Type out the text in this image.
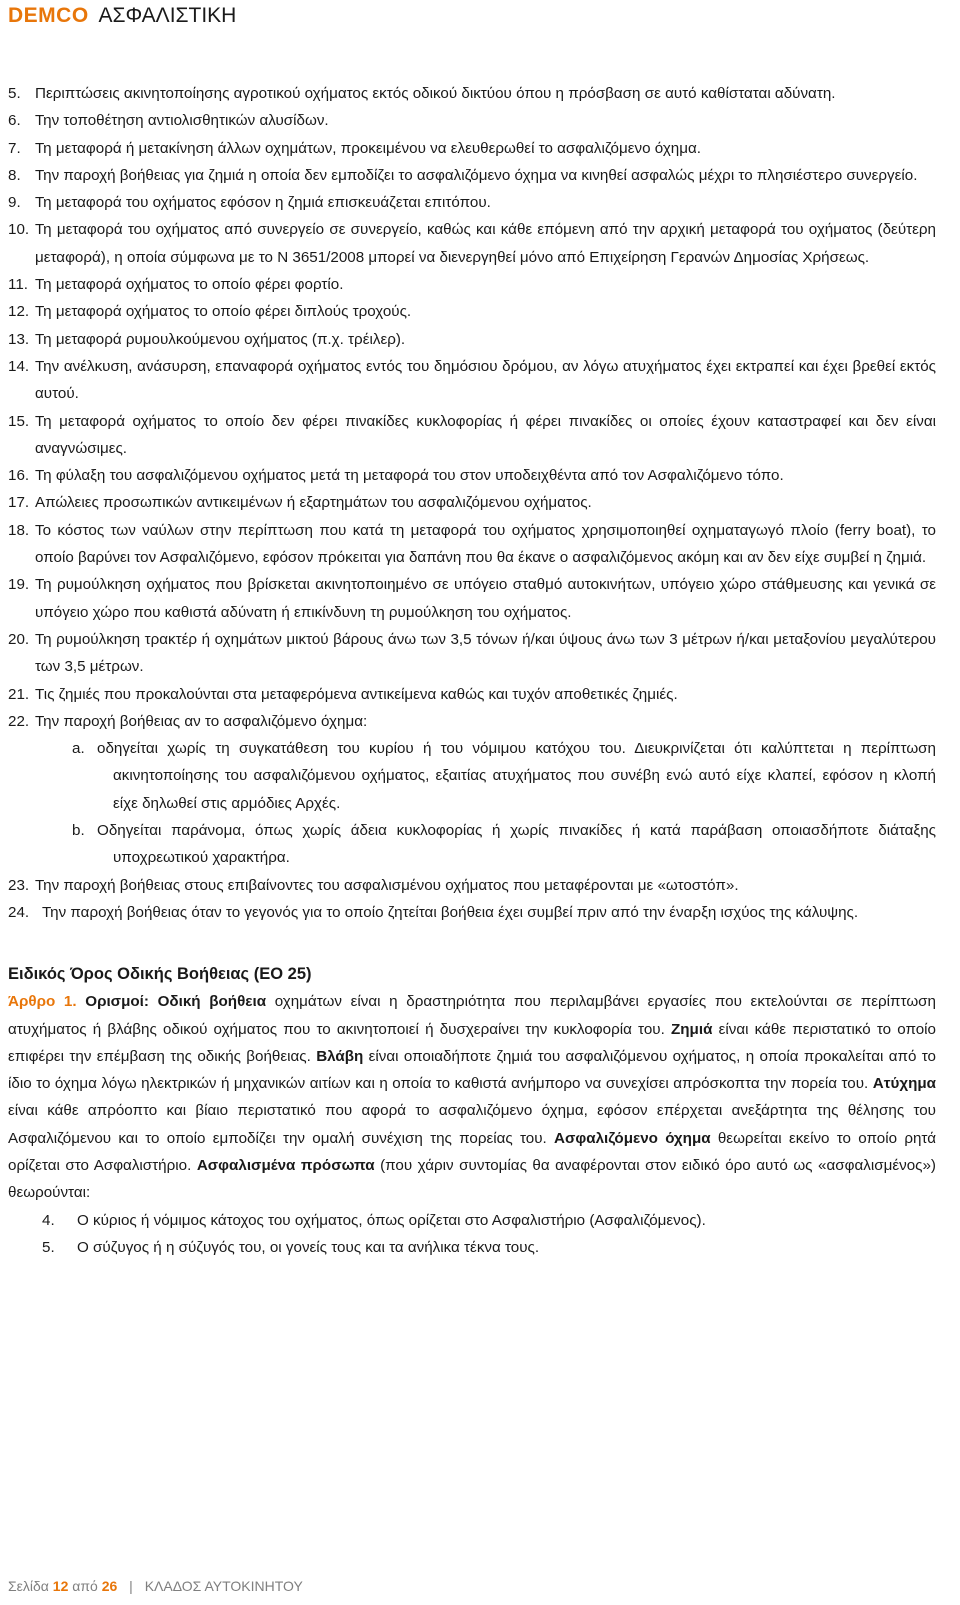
DEMCO ΑΣΦΑΛΙΣΤΙΚΗ
5. Περιπτώσεις ακινητοποίησης αγροτικού οχήματος εκτός οδικού δικτύου όπου η πρόσβαση σε αυτό καθίσταται αδύνατη.
6. Την τοποθέτηση αντιολισθητικών αλυσίδων.
7. Τη μεταφορά ή μετακίνηση άλλων οχημάτων, προκειμένου να ελευθερωθεί το ασφαλιζόμενο όχημα.
8. Την παροχή βοήθειας για ζημιά η οποία δεν εμποδίζει το ασφαλιζόμενο όχημα να κινηθεί ασφαλώς μέχρι το πλησιέστερο συνεργείο.
9. Τη μεταφορά του οχήματος εφόσον η ζημιά επισκευάζεται επιτόπου.
10. Τη μεταφορά του οχήματος από συνεργείο σε συνεργείο, καθώς και κάθε επόμενη από την αρχική μεταφορά του οχήματος (δεύτερη μεταφορά), η οποία σύμφωνα με το Ν 3651/2008 μπορεί να διενεργηθεί μόνο από Επιχείρηση Γερανών Δημοσίας Χρήσεως.
11. Τη μεταφορά οχήματος το οποίο φέρει φορτίο.
12. Τη μεταφορά οχήματος το οποίο φέρει διπλούς τροχούς.
13. Τη μεταφορά ρυμουλκούμενου οχήματος (π.χ. τρέιλερ).
14. Την ανέλκυση, ανάσυρση, επαναφορά οχήματος εντός του δημόσιου δρόμου, αν λόγω ατυχήματος έχει εκτραπεί και έχει βρεθεί εκτός αυτού.
15. Τη μεταφορά οχήματος το οποίο δεν φέρει πινακίδες κυκλοφορίας ή φέρει πινακίδες οι οποίες έχουν καταστραφεί και δεν είναι αναγνώσιμες.
16. Τη φύλαξη του ασφαλιζόμενου οχήματος μετά τη μεταφορά του στον υποδειχθέντα από τον Ασφαλιζόμενο τόπο.
17. Απώλειες προσωπικών αντικειμένων ή εξαρτημάτων του ασφαλιζόμενου οχήματος.
18. Το κόστος των ναύλων στην περίπτωση που κατά τη μεταφορά του οχήματος χρησιμοποιηθεί οχηματαγωγό πλοίο (ferry boat), το οποίο βαρύνει τον Ασφαλιζόμενο, εφόσον πρόκειται για δαπάνη που θα έκανε ο ασφαλιζόμενος ακόμη και αν δεν είχε συμβεί η ζημιά.
19. Τη ρυμούλκηση οχήματος που βρίσκεται ακινητοποιημένο σε υπόγειο σταθμό αυτοκινήτων, υπόγειο χώρο στάθμευσης και γενικά σε υπόγειο χώρο που καθιστά αδύνατη ή επικίνδυνη τη ρυμούλκηση του οχήματος.
20. Τη ρυμούλκηση τρακτέρ ή οχημάτων μικτού βάρους άνω των 3,5 τόνων ή/και ύψους άνω των 3 μέτρων ή/και μεταξονίου μεγαλύτερου των 3,5 μέτρων.
21. Τις ζημιές που προκαλούνται στα μεταφερόμενα αντικείμενα καθώς και τυχόν αποθετικές ζημιές.
22. Την παροχή βοήθειας αν το ασφαλιζόμενο όχημα:
a. οδηγείται χωρίς τη συγκατάθεση του κυρίου ή του νόμιμου κατόχου του. Διευκρινίζεται ότι καλύπτεται η περίπτωση ακινητοποίησης του ασφαλιζόμενου οχήματος, εξαιτίας ατυχήματος που συνέβη ενώ αυτό είχε κλαπεί, εφόσον η κλοπή είχε δηλωθεί στις αρμόδιες Αρχές.
b. Οδηγείται παράνομα, όπως χωρίς άδεια κυκλοφορίας ή χωρίς πινακίδες ή κατά παράβαση οποιασδήποτε διάταξης υποχρεωτικού χαρακτήρα.
23. Την παροχή βοήθειας στους επιβαίνοντες του ασφαλισμένου οχήματος που μεταφέρονται με «ωτοστόπ».
24. Την παροχή βοήθειας όταν το γεγονός για το οποίο ζητείται βοήθεια έχει συμβεί πριν από την έναρξη ισχύος της κάλυψης.
Ειδικός Όρος Οδικής Βοήθειας (ΕΟ 25)
Άρθρο 1. Ορισμοί: Οδική βοήθεια οχημάτων είναι η δραστηριότητα που περιλαμβάνει εργασίες που εκτελούνται σε περίπτωση ατυχήματος ή βλάβης οδικού οχήματος που το ακινητοποιεί ή δυσχεραίνει την κυκλοφορία του. Ζημιά είναι κάθε περιστατικό το οποίο επιφέρει την επέμβαση της οδικής βοήθειας. Βλάβη είναι οποιαδήποτε ζημιά του ασφαλιζόμενου οχήματος, η οποία προκαλείται από το ίδιο το όχημα λόγω ηλεκτρικών ή μηχανικών αιτίων και η οποία το καθιστά ανήμπορο να συνεχίσει απρόσκοπτα την πορεία του. Ατύχημα είναι κάθε απρόοπτο και βίαιο περιστατικό που αφορά το ασφαλιζόμενο όχημα, εφόσον επέρχεται ανεξάρτητα της θέλησης του Ασφαλιζόμενου και το οποίο εμποδίζει την ομαλή συνέχιση της πορείας του. Ασφαλιζόμενο όχημα θεωρείται εκείνο το οποίο ρητά ορίζεται στο Ασφαλιστήριο. Ασφαλισμένα πρόσωπα (που χάριν συντομίας θα αναφέρονται στον ειδικό όρο αυτό ως «ασφαλισμένος») θεωρούνται:
4. Ο κύριος ή νόμιμος κάτοχος του οχήματος, όπως ορίζεται στο Ασφαλιστήριο (Ασφαλιζόμενος).
5. Ο σύζυγος ή η σύζυγός του, οι γονείς τους και τα ανήλικα τέκνα τους.
Σελίδα 12 από 26 | ΚΛΑΔΟΣ ΑΥΤΟΚΙΝΗΤΟΥ
